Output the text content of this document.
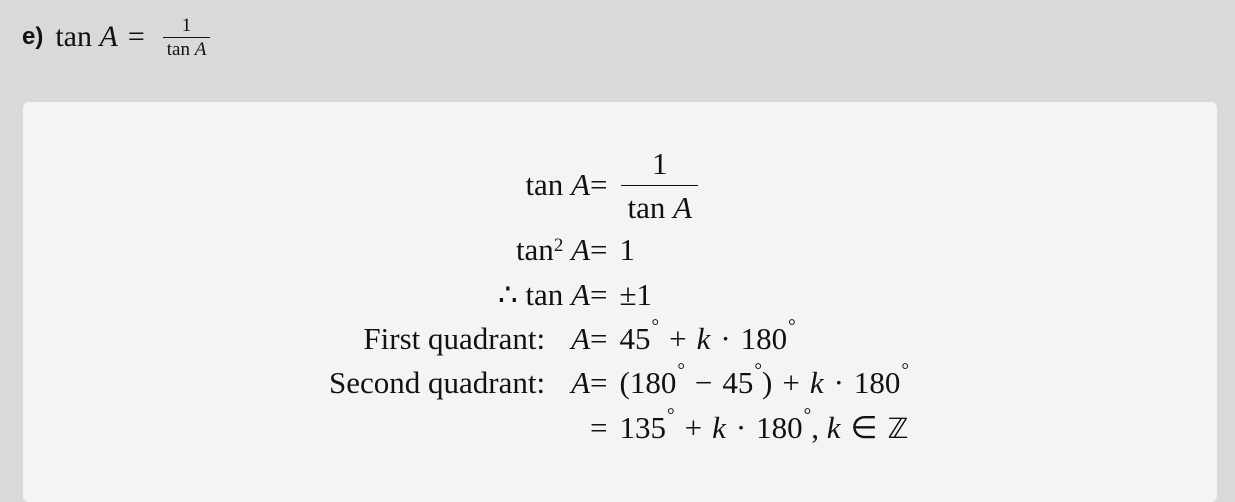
e) tan
$A = \frac{1}{\text{tan A}}$
tan
$A = \frac{1}{\text{tan A}}$
$\tan^2$
A = 1
∴
tan
A = ±1
First quadrant: A = 45 ° + k · 180 °
Second quadrant: A = ( 180 ° − 45 ° ) + k · 180 °
= 135 ° + k · 180 ° ,
k ∈ ℤ
